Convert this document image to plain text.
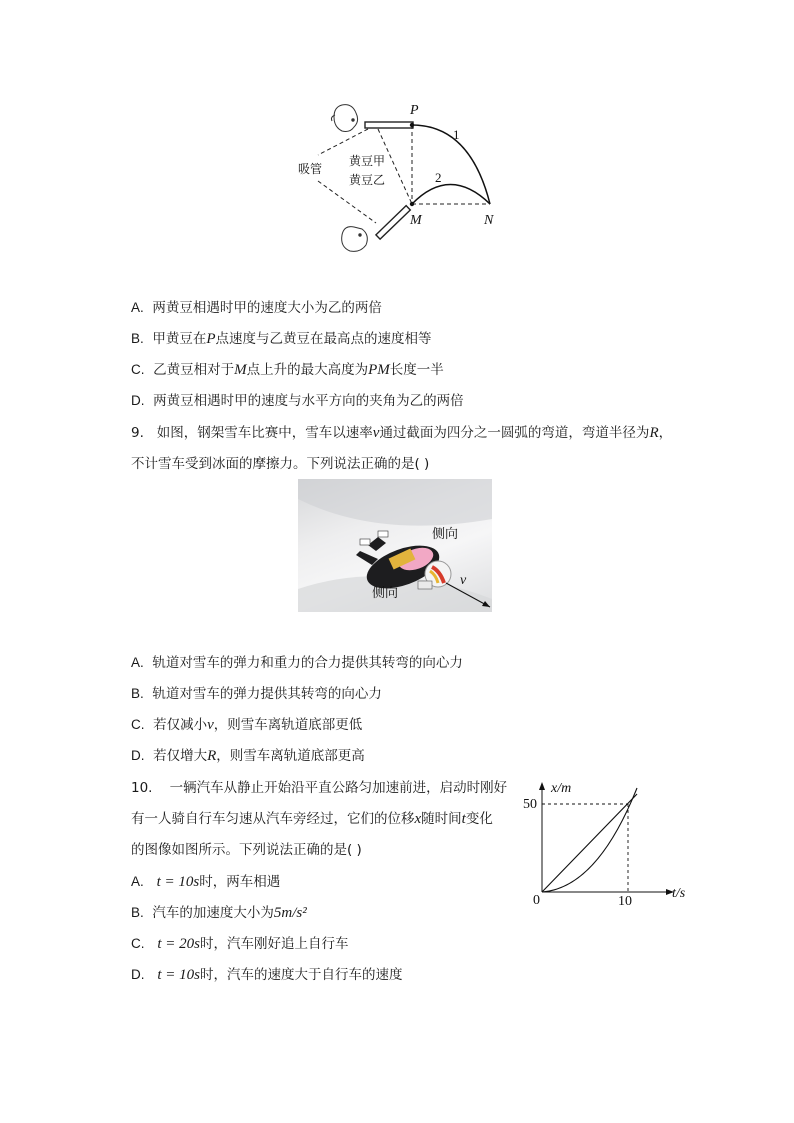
P
M	N
1
2
吸管
黄豆甲
黄豆乙
A. 两黄豆相遇时甲的速度大小为乙的两倍
B. 甲黄豆在P点速度与乙黄豆在最高点的速度相等
C. 乙黄豆相对于M点上升的最大高度为PM长度一半
D. 两黄豆相遇时甲的速度与水平方向的夹角为乙的两倍
9. 如图，钢架雪车比赛中，雪车以速率v通过截面为四分之一圆弧的弯道，弯道半径为R，
不计雪车受到冰面的摩擦力。下列说法正确的是( )
侧向
侧向
v
A. 轨道对雪车的弹力和重力的合力提供其转弯的向心力
B. 轨道对雪车的弹力提供其转弯的向心力
C. 若仅减小v，则雪车离轨道底部更低
D. 若仅增大R，则雪车离轨道底部更高
10. 一辆汽车从静止开始沿平直公路匀加速前进，启动时刚好
有一人骑自行车匀速从汽车旁经过，它们的位移x随时间t变化
的图像如图所示。下列说法正确的是( )
A. t = 10s时，两车相遇
B. 汽车的加速度大小为5m/s²
C. t = 20s时，汽车刚好追上自行车
D. t = 10s时，汽车的速度大于自行车的速度
x/m
t/s
0
50
10
